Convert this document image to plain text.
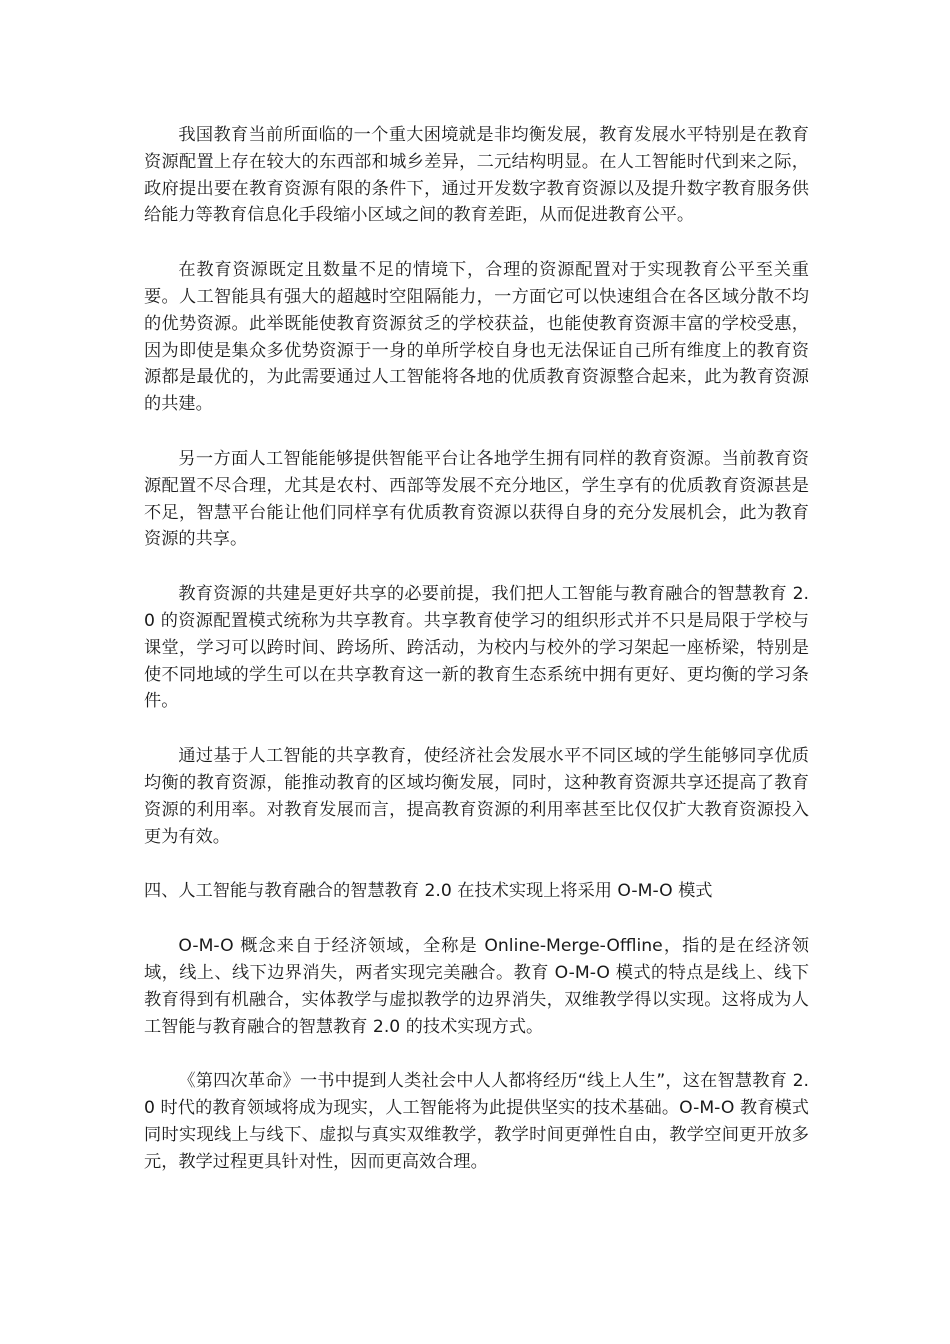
我国教育当前所面临的一个重大困境就是非均衡发展，教育发展水平特别是在教育资源配置上存在较大的东西部和城乡差异，二元结构明显。在人工智能时代到来之际，政府提出要在教育资源有限的条件下，通过开发数字教育资源以及提升数字教育服务供给能力等教育信息化手段缩小区域之间的教育差距，从而促进教育公平。

在教育资源既定且数量不足的情境下，合理的资源配置对于实现教育公平至关重要。人工智能具有强大的超越时空阻隔能力，一方面它可以快速组合在各区域分散不均的优势资源。此举既能使教育资源贫乏的学校获益，也能使教育资源丰富的学校受惠，因为即使是集众多优势资源于一身的单所学校自身也无法保证自己所有维度上的教育资源都是最优的，为此需要通过人工智能将各地的优质教育资源整合起来，此为教育资源的共建。

另一方面人工智能能够提供智能平台让各地学生拥有同样的教育资源。当前教育资源配置不尽合理，尤其是农村、西部等发展不充分地区，学生享有的优质教育资源甚是不足，智慧平台能让他们同样享有优质教育资源以获得自身的充分发展机会，此为教育资源的共享。

教育资源的共建是更好共享的必要前提，我们把人工智能与教育融合的智慧教育 2.0 的资源配置模式统称为共享教育。共享教育使学习的组织形式并不只是局限于学校与课堂，学习可以跨时间、跨场所、跨活动，为校内与校外的学习架起一座桥梁，特别是使不同地域的学生可以在共享教育这一新的教育生态系统中拥有更好、更均衡的学习条件。

通过基于人工智能的共享教育，使经济社会发展水平不同区域的学生能够同享优质均衡的教育资源，能推动教育的区域均衡发展，同时，这种教育资源共享还提高了教育资源的利用率。对教育发展而言，提高教育资源的利用率甚至比仅仅扩大教育资源投入更为有效。

四、人工智能与教育融合的智慧教育 2.0 在技术实现上将采用 O-M-O 模式

O-M-O 概念来自于经济领域，全称是 Online-Merge-Offline，指的是在经济领域，线上、线下边界消失，两者实现完美融合。教育 O-M-O 模式的特点是线上、线下教育得到有机融合，实体教学与虚拟教学的边界消失，双维教学得以实现。这将成为人工智能与教育融合的智慧教育 2.0 的技术实现方式。

《第四次革命》一书中提到人类社会中人人都将经历“线上人生”，这在智慧教育 2.0 时代的教育领域将成为现实，人工智能将为此提供坚实的技术基础。O-M-O 教育模式同时实现线上与线下、虚拟与真实双维教学，教学时间更弹性自由，教学空间更开放多元，教学过程更具针对性，因而更高效合理。
